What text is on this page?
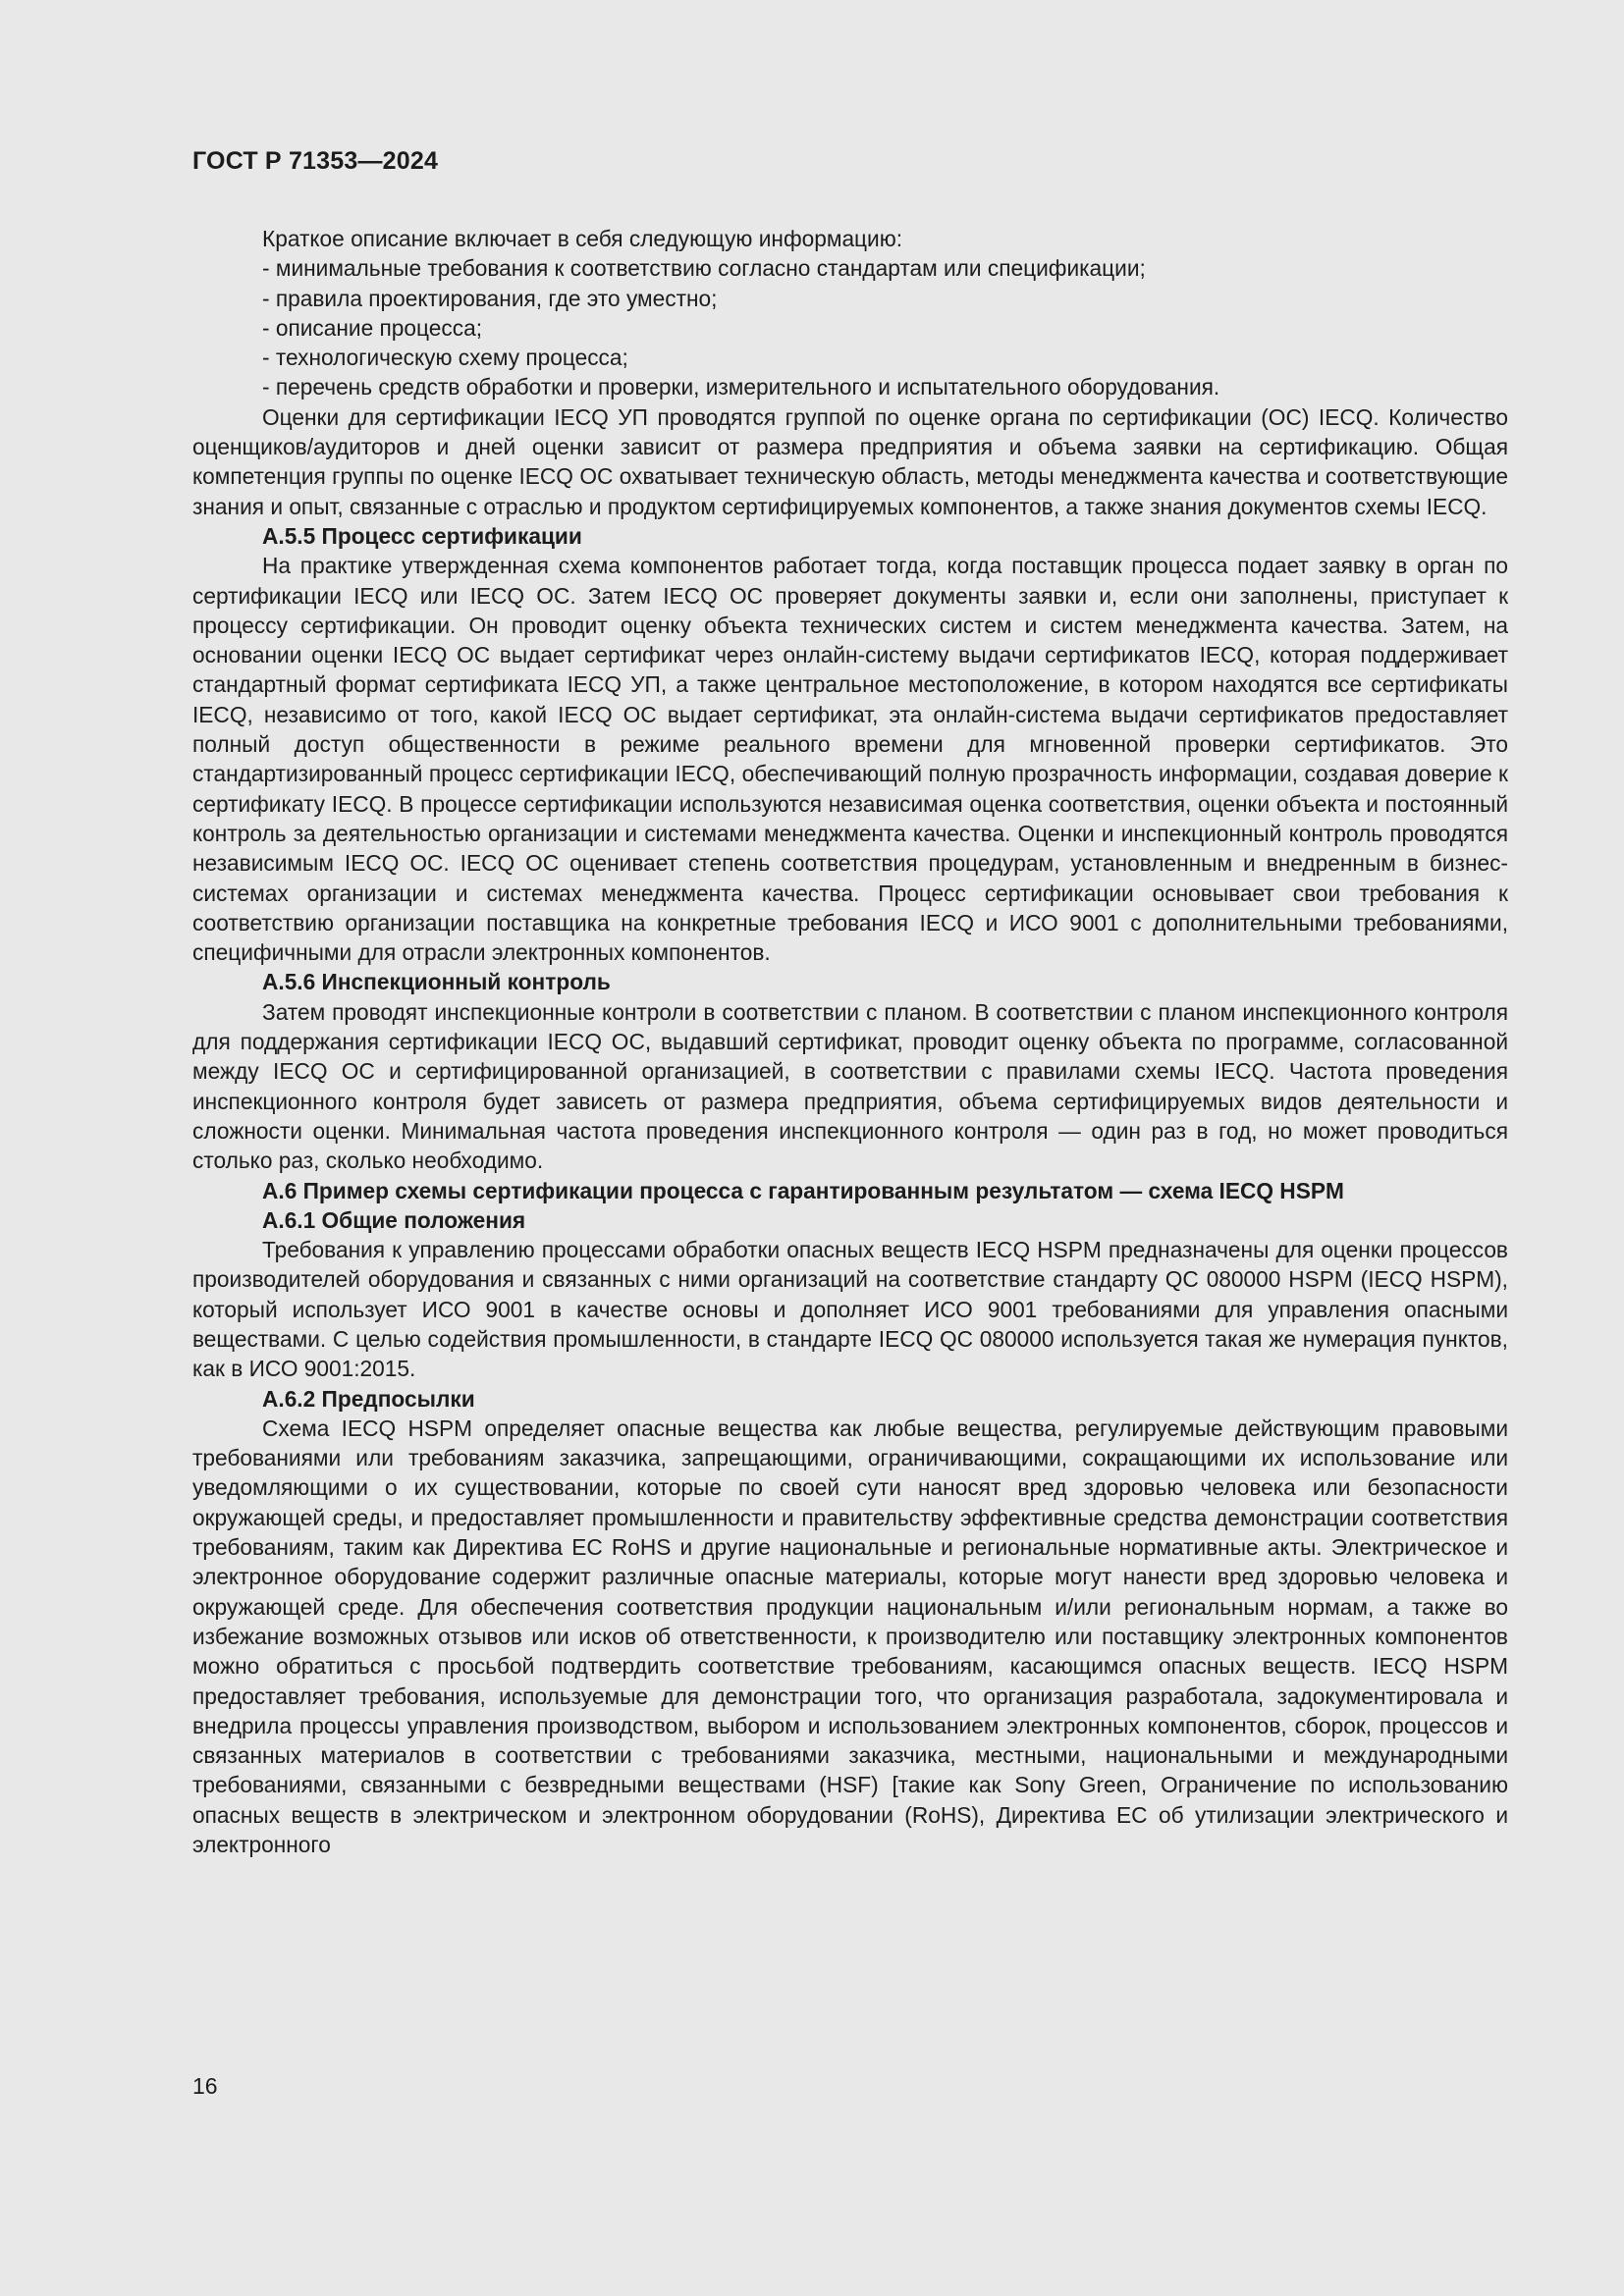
ГОСТ Р 71353—2024

Краткое описание включает в себя следующую информацию:

- минимальные требования к соответствию согласно стандартам или спецификации;

- правила проектирования, где это уместно;

- описание процесса;

- технологическую схему процесса;

- перечень средств обработки и проверки, измерительного и испытательного оборудования.

Оценки для сертификации IECQ УП проводятся группой по оценке органа по сертификации (ОС) IECQ. Количество оценщиков/аудиторов и дней оценки зависит от размера предприятия и объема заявки на сертификацию. Общая компетенция группы по оценке IECQ ОС охватывает техническую область, методы менеджмента качества и соответствующие знания и опыт, связанные с отраслью и продуктом сертифицируемых компонентов, а также знания документов схемы IECQ.

А.5.5 Процесс сертификации

На практике утвержденная схема компонентов работает тогда, когда поставщик процесса подает заявку в орган по сертификации IECQ или IECQ ОС. Затем IECQ ОС проверяет документы заявки и, если они заполнены, приступает к процессу сертификации. Он проводит оценку объекта технических систем и систем менеджмента качества. Затем, на основании оценки IECQ ОС выдает сертификат через онлайн-систему выдачи сертификатов IECQ, которая поддерживает стандартный формат сертификата IECQ УП, а также центральное местоположение, в котором находятся все сертификаты IECQ, независимо от того, какой IECQ ОС выдает сертификат, эта онлайн-система выдачи сертификатов предоставляет полный доступ общественности в режиме реального времени для мгновенной проверки сертификатов. Это стандартизированный процесс сертификации IECQ, обеспечивающий полную прозрачность информации, создавая доверие к сертификату IECQ. В процессе сертификации используются независимая оценка соответствия, оценки объекта и постоянный контроль за деятельностью организации и системами менеджмента качества. Оценки и инспекционный контроль проводятся независимым IECQ ОС. IECQ ОС оценивает степень соответствия процедурам, установленным и внедренным в бизнес-системах организации и системах менеджмента качества. Процесс сертификации основывает свои требования к соответствию организации поставщика на конкретные требования IECQ и ИСО 9001 с дополнительными требованиями, специфичными для отрасли электронных компонентов.

А.5.6 Инспекционный контроль

Затем проводят инспекционные контроли в соответствии с планом. В соответствии с планом инспекционного контроля для поддержания сертификации IECQ ОС, выдавший сертификат, проводит оценку объекта по программе, согласованной между IECQ ОС и сертифицированной организацией, в соответствии с правилами схемы IECQ. Частота проведения инспекционного контроля будет зависеть от размера предприятия, объема сертифицируемых видов деятельности и сложности оценки. Минимальная частота проведения инспекционного контроля — один раз в год, но может проводиться столько раз, сколько необходимо.

А.6 Пример схемы сертификации процесса с гарантированным результатом — схема IECQ HSPM

А.6.1 Общие положения

Требования к управлению процессами обработки опасных веществ IECQ HSPM предназначены для оценки процессов производителей оборудования и связанных с ними организаций на соответствие стандарту QC 080000 HSPM (IECQ HSPM), который использует ИСО 9001 в качестве основы и дополняет ИСО 9001 требованиями для управления опасными веществами. С целью содействия промышленности, в стандарте IECQ QC 080000 используется такая же нумерация пунктов, как в ИСО 9001:2015.

А.6.2 Предпосылки

Схема IECQ HSPM определяет опасные вещества как любые вещества, регулируемые действующим правовыми требованиями или требованиям заказчика, запрещающими, ограничивающими, сокращающими их использование или уведомляющими о их существовании, которые по своей сути наносят вред здоровью человека или безопасности окружающей среды, и предоставляет промышленности и правительству эффективные средства демонстрации соответствия требованиям, таким как Директива ЕС RoHS и другие национальные и региональные нормативные акты. Электрическое и электронное оборудование содержит различные опасные материалы, которые могут нанести вред здоровью человека и окружающей среде. Для обеспечения соответствия продукции национальным и/или региональным нормам, а также во избежание возможных отзывов или исков об ответственности, к производителю или поставщику электронных компонентов можно обратиться с просьбой подтвердить соответствие требованиям, касающимся опасных веществ. IECQ HSPM предоставляет требования, используемые для демонстрации того, что организация разработала, задокументировала и внедрила процессы управления производством, выбором и использованием электронных компонентов, сборок, процессов и связанных материалов в соответствии с требованиями заказчика, местными, национальными и международными требованиями, связанными с безвредными веществами (HSF) [такие как Sony Green, Ограничение по использованию опасных веществ в электрическом и электронном оборудовании (RoHS), Директива ЕС об утилизации электрического и электронного

16
